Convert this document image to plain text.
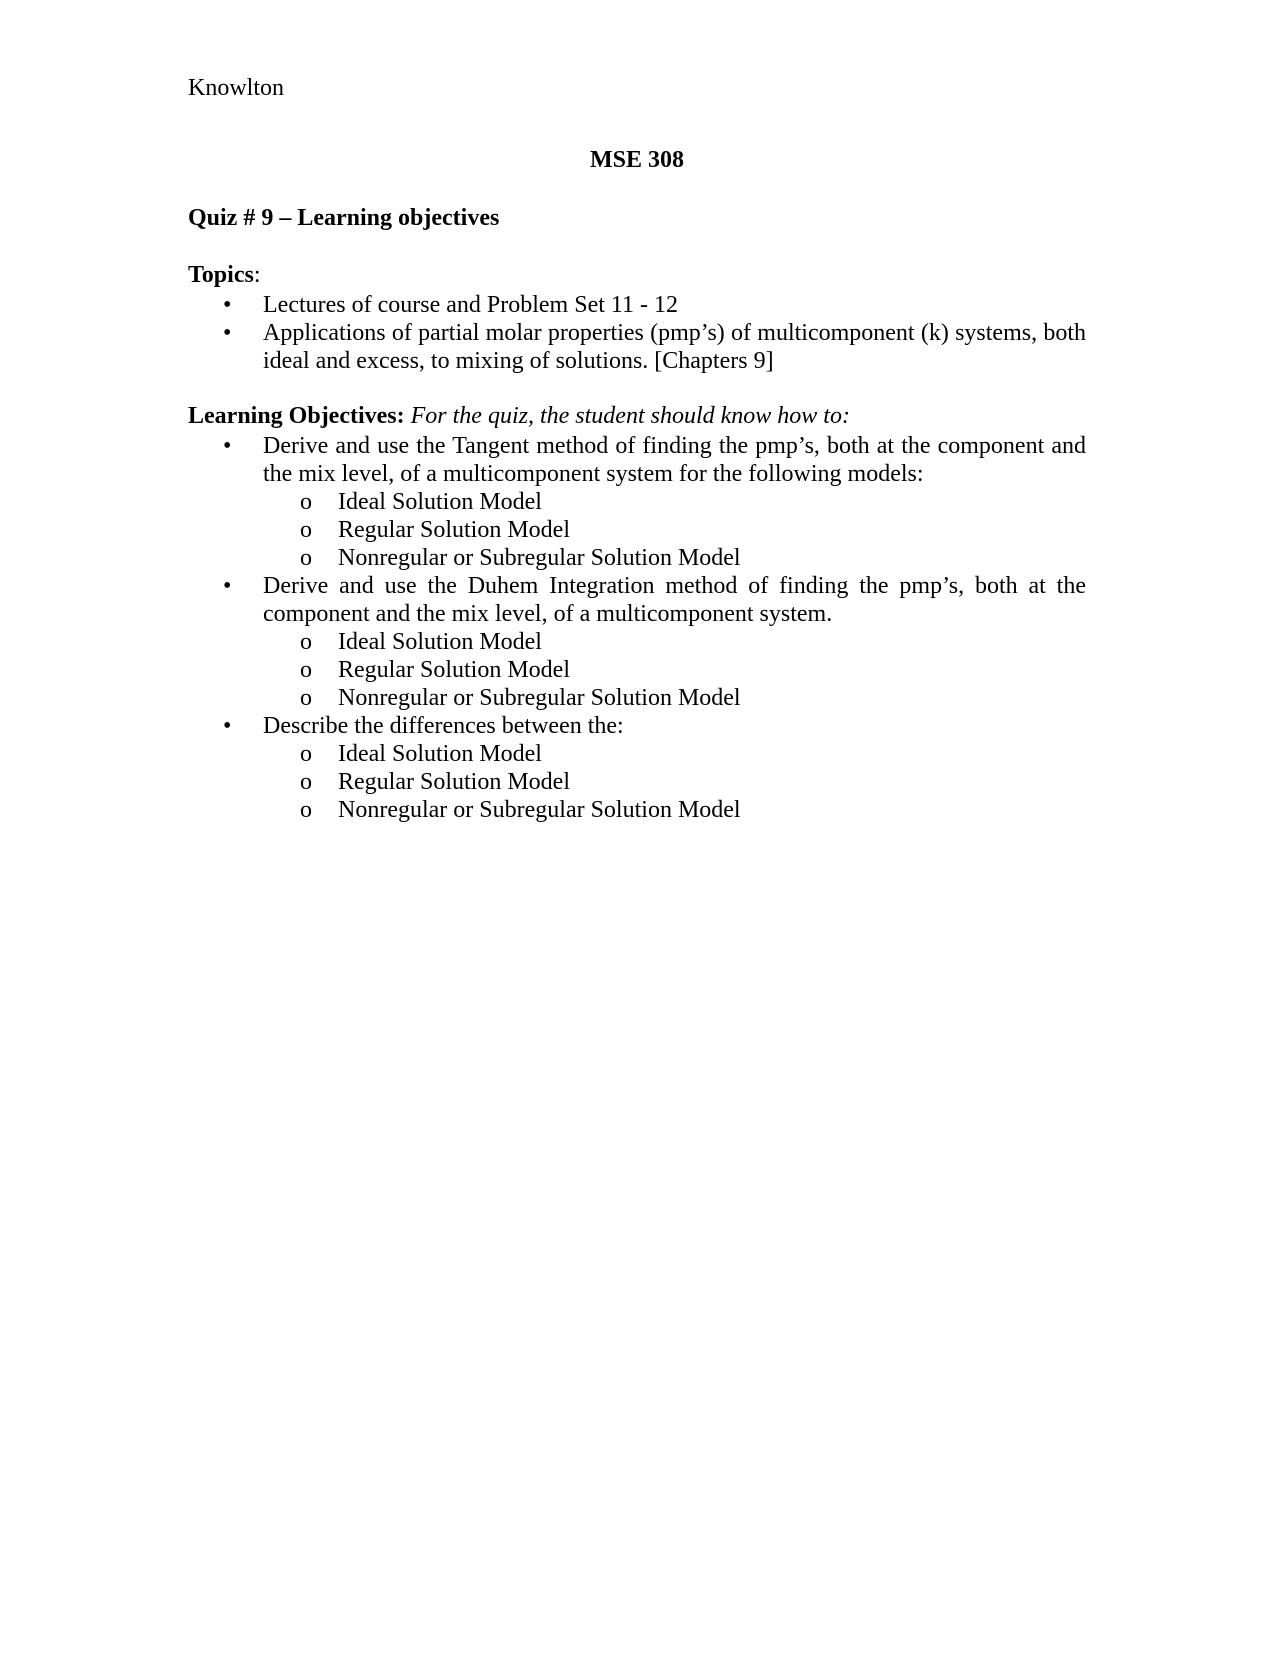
Knowlton

MSE 308

Quiz # 9 – Learning objectives

Topics:

• Lectures of course and Problem Set 11 - 12
• Applications of partial molar properties (pmp’s) of multicomponent (k) systems, both ideal and excess, to mixing of solutions. [Chapters 9]

Learning Objectives: For the quiz, the student should know how to:

• Derive and use the Tangent method of finding the pmp’s, both at the component and the mix level, of a multicomponent system for the following models:
o Ideal Solution Model
o Regular Solution Model
o Nonregular or Subregular Solution Model
• Derive and use the Duhem Integration method of finding the pmp’s, both at the component and the mix level, of a multicomponent system.
o Ideal Solution Model
o Regular Solution Model
o Nonregular or Subregular Solution Model
• Describe the differences between the:
o Ideal Solution Model
o Regular Solution Model
o Nonregular or Subregular Solution Model
